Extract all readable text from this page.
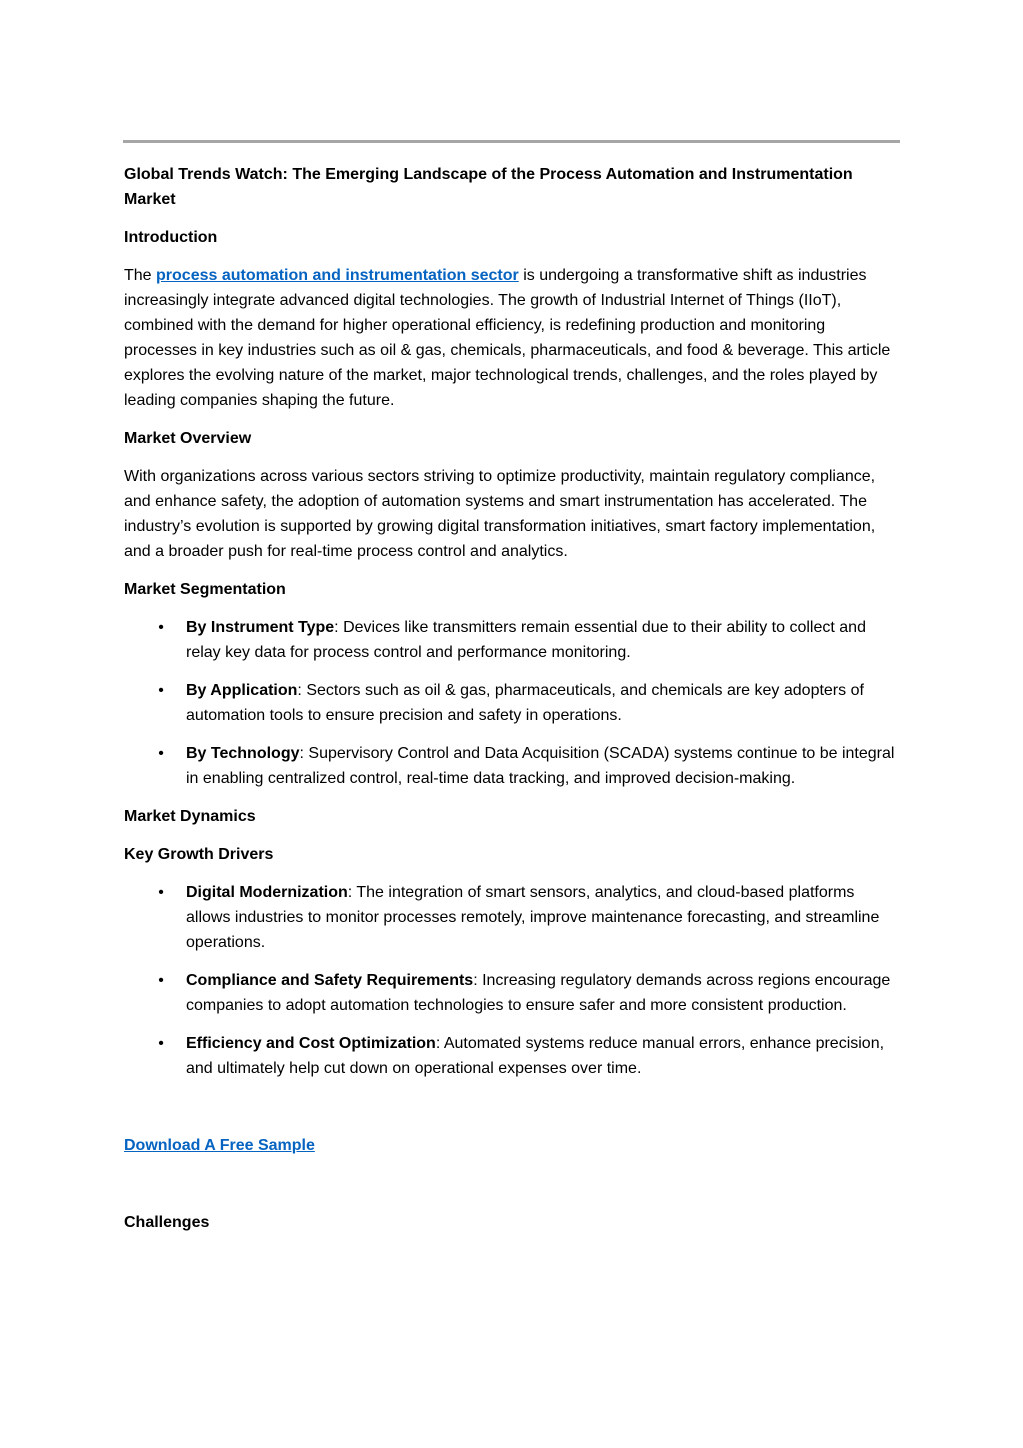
Global Trends Watch: The Emerging Landscape of the Process Automation and Instrumentation Market

Introduction

The process automation and instrumentation sector is undergoing a transformative shift as industries increasingly integrate advanced digital technologies. The growth of Industrial Internet of Things (IIoT), combined with the demand for higher operational efficiency, is redefining production and monitoring processes in key industries such as oil & gas, chemicals, pharmaceuticals, and food & beverage. This article explores the evolving nature of the market, major technological trends, challenges, and the roles played by leading companies shaping the future.

Market Overview

With organizations across various sectors striving to optimize productivity, maintain regulatory compliance, and enhance safety, the adoption of automation systems and smart instrumentation has accelerated. The industry’s evolution is supported by growing digital transformation initiatives, smart factory implementation, and a broader push for real-time process control and analytics.

Market Segmentation

• By Instrument Type: Devices like transmitters remain essential due to their ability to collect and relay key data for process control and performance monitoring.
• By Application: Sectors such as oil & gas, pharmaceuticals, and chemicals are key adopters of automation tools to ensure precision and safety in operations.
• By Technology: Supervisory Control and Data Acquisition (SCADA) systems continue to be integral in enabling centralized control, real-time data tracking, and improved decision-making.

Market Dynamics

Key Growth Drivers

• Digital Modernization: The integration of smart sensors, analytics, and cloud-based platforms allows industries to monitor processes remotely, improve maintenance forecasting, and streamline operations.
• Compliance and Safety Requirements: Increasing regulatory demands across regions encourage companies to adopt automation technologies to ensure safer and more consistent production.
• Efficiency and Cost Optimization: Automated systems reduce manual errors, enhance precision, and ultimately help cut down on operational expenses over time.

Download A Free Sample

Challenges
